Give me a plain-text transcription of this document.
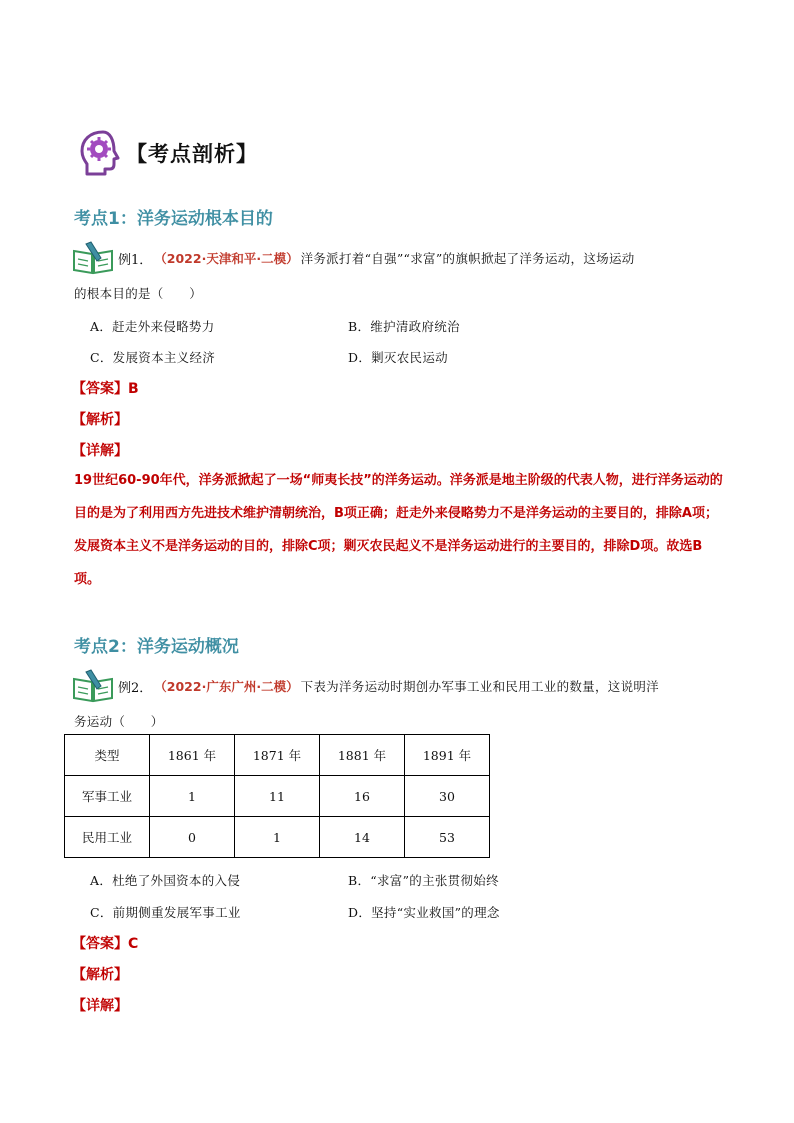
【考点剖析】
考点1：洋务运动根本目的
例1． （2022·天津和平·二模） 洋务派打着“自强”“求富”的旗帜掀起了洋务运动，这场运动
的根本目的是（　　）
A．赶走外来侵略势力	B．维护清政府统治
C．发展资本主义经济	D．剿灭农民运动
【答案】B
【解析】
【详解】
19世纪60-90年代，洋务派掀起了一场“师夷长技”的洋务运动。洋务派是地主阶级的代表人物，进行洋务运动的目的是为了利用西方先进技术维护清朝统治，B项正确；赶走外来侵略势力不是洋务运动的主要目的，排除A项；发展资本主义不是洋务运动的目的，排除C项；剿灭农民起义不是洋务运动进行的主要目的，排除D项。故选B项。
考点2：洋务运动概况
例2． （2022·广东广州·二模） 下表为洋务运动时期创办军事工业和民用工业的数量，这说明洋
务运动（　　）
类型	1861 年	1871 年	1881 年	1891 年
军事工业	1	11	16	30
民用工业	0	1	14	53
A．杜绝了外国资本的入侵	B．“求富”的主张贯彻始终
C．前期侧重发展军事工业	D．坚持“实业救国”的理念
【答案】C
【解析】
【详解】
